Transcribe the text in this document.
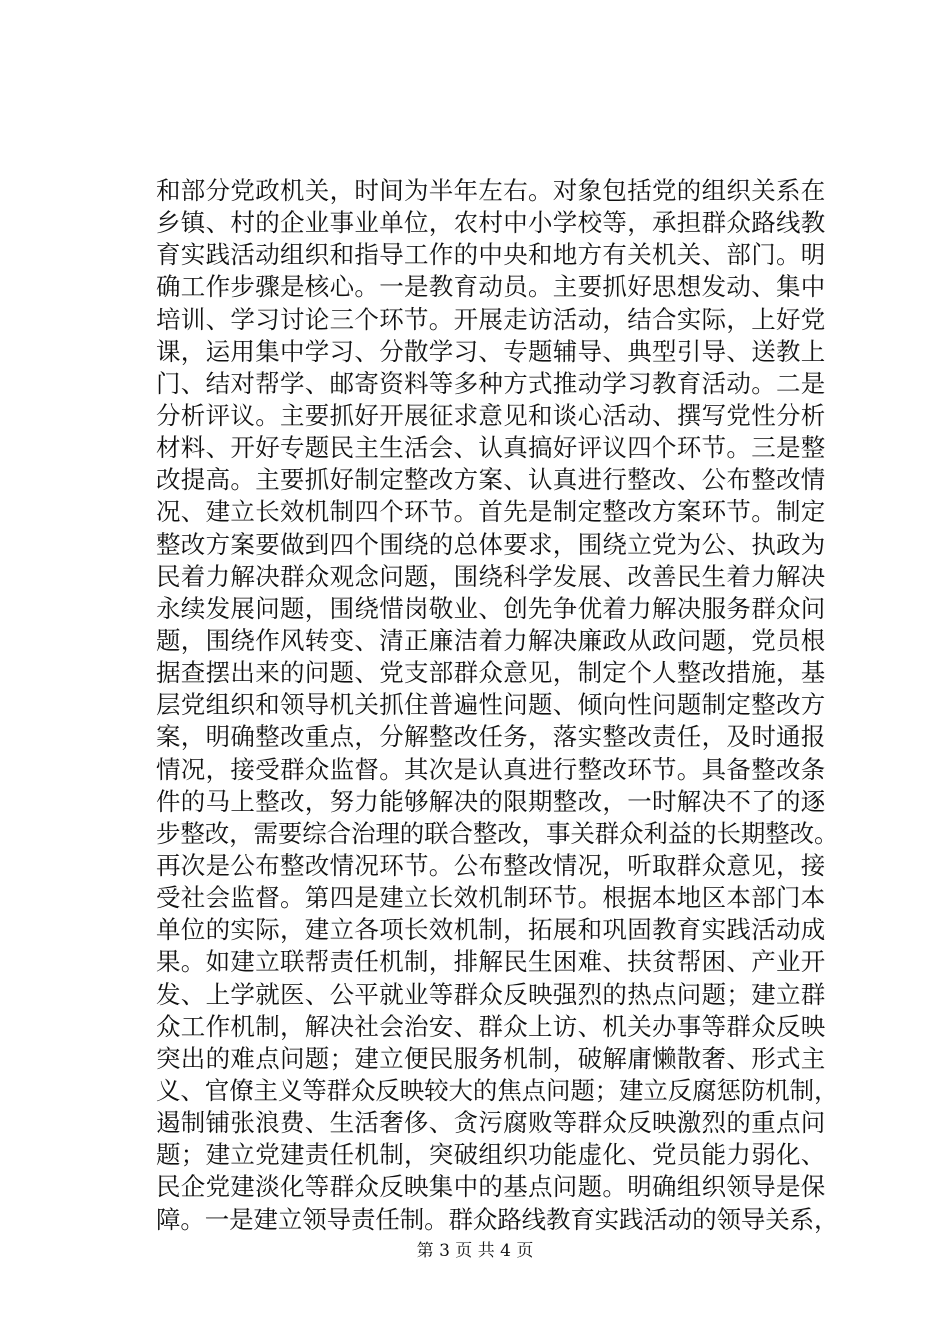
和部分党政机关，时间为半年左右。对象包括党的组织关系在
乡镇、村的企业事业单位，农村中小学校等，承担群众路线教
育实践活动组织和指导工作的中央和地方有关机关、部门。明
确工作步骤是核心。一是教育动员。主要抓好思想发动、集中
培训、学习讨论三个环节。开展走访活动，结合实际，上好党
课，运用集中学习、分散学习、专题辅导、典型引导、送教上
门、结对帮学、邮寄资料等多种方式推动学习教育活动。二是
分析评议。主要抓好开展征求意见和谈心活动、撰写党性分析
材料、开好专题民主生活会、认真搞好评议四个环节。三是整
改提高。主要抓好制定整改方案、认真进行整改、公布整改情
况、建立长效机制四个环节。首先是制定整改方案环节。制定
整改方案要做到四个围绕的总体要求，围绕立党为公、执政为
民着力解决群众观念问题，围绕科学发展、改善民生着力解决
永续发展问题，围绕惜岗敬业、创先争优着力解决服务群众问
题，围绕作风转变、清正廉洁着力解决廉政从政问题，党员根
据查摆出来的问题、党支部群众意见，制定个人整改措施，基
层党组织和领导机关抓住普遍性问题、倾向性问题制定整改方
案，明确整改重点，分解整改任务，落实整改责任，及时通报
情况，接受群众监督。其次是认真进行整改环节。具备整改条
件的马上整改，努力能够解决的限期整改，一时解决不了的逐
步整改，需要综合治理的联合整改，事关群众利益的长期整改。
再次是公布整改情况环节。公布整改情况，听取群众意见，接
受社会监督。第四是建立长效机制环节。根据本地区本部门本
单位的实际，建立各项长效机制，拓展和巩固教育实践活动成
果。如建立联帮责任机制，排解民生困难、扶贫帮困、产业开
发、上学就医、公平就业等群众反映强烈的热点问题；建立群
众工作机制，解决社会治安、群众上访、机关办事等群众反映
突出的难点问题；建立便民服务机制，破解庸懒散奢、形式主
义、官僚主义等群众反映较大的焦点问题；建立反腐惩防机制，
遏制铺张浪费、生活奢侈、贪污腐败等群众反映激烈的重点问
题；建立党建责任机制，突破组织功能虚化、党员能力弱化、
民企党建淡化等群众反映集中的基点问题。明确组织领导是保
障。一是建立领导责任制。群众路线教育实践活动的领导关系，
第 3 页 共 4 页
